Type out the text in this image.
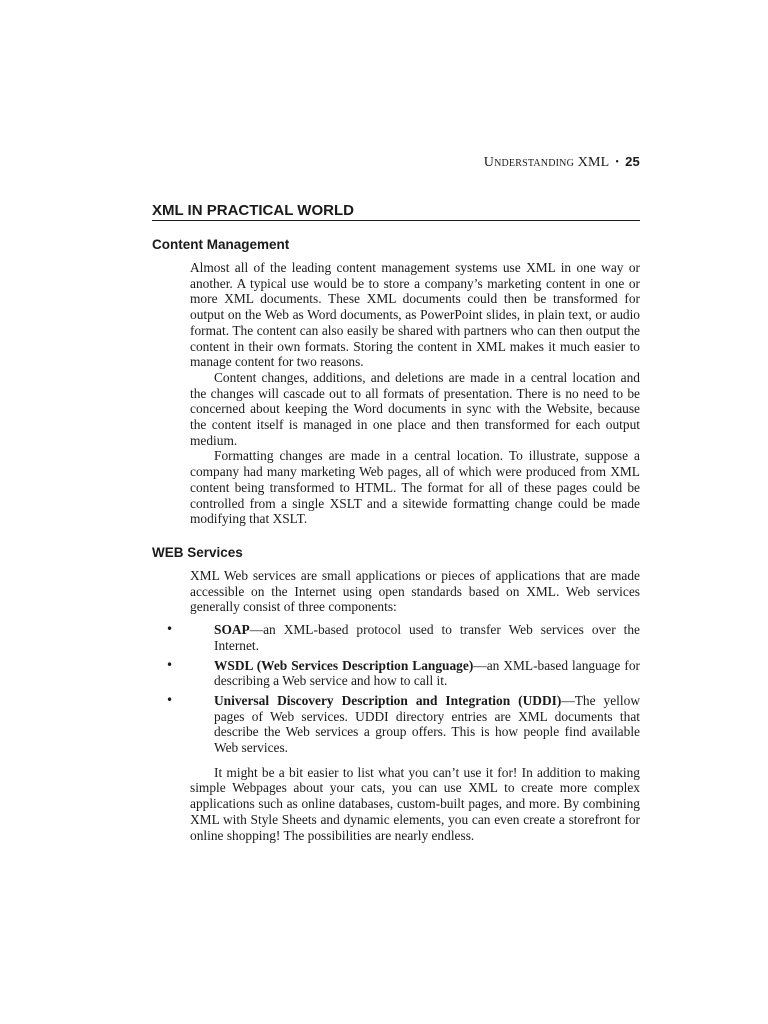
Understanding XML • 25
XML IN PRACTICAL WORLD
Content Management

Almost all of the leading content management systems use XML in one way or another. A typical use would be to store a company’s marketing content in one or more XML documents. These XML documents could then be transformed for output on the Web as Word documents, as PowerPoint slides, in plain text, or audio format. The content can also easily be shared with partners who can then output the content in their own formats. Storing the content in XML makes it much easier to manage content for two reasons.

Content changes, additions, and deletions are made in a central location and the changes will cascade out to all formats of presentation. There is no need to be concerned about keeping the Word documents in sync with the Website, because the content itself is managed in one place and then transformed for each output medium.

Formatting changes are made in a central location. To illustrate, suppose a company had many marketing Web pages, all of which were produced from XML content being transformed to HTML. The format for all of these pages could be controlled from a single XSLT and a sitewide formatting change could be made modifying that XSLT.

WEB Services

XML Web services are small applications or pieces of applications that are made accessible on the Internet using open standards based on XML. Web services generally consist of three components:

•	SOAP—an XML-based protocol used to transfer Web services over the Internet.
•	WSDL (Web Services Description Language)—an XML-based language for describing a Web service and how to call it.
•	Universal Discovery Description and Integration (UDDI)—The yellow pages of Web services. UDDI directory entries are XML documents that describe the Web services a group offers. This is how people find available Web services.

It might be a bit easier to list what you can’t use it for! In addition to making simple Webpages about your cats, you can use XML to create more complex applications such as online databases, custom-built pages, and more. By combining XML with Style Sheets and dynamic elements, you can even create a storefront for online shopping! The possibilities are nearly endless.
